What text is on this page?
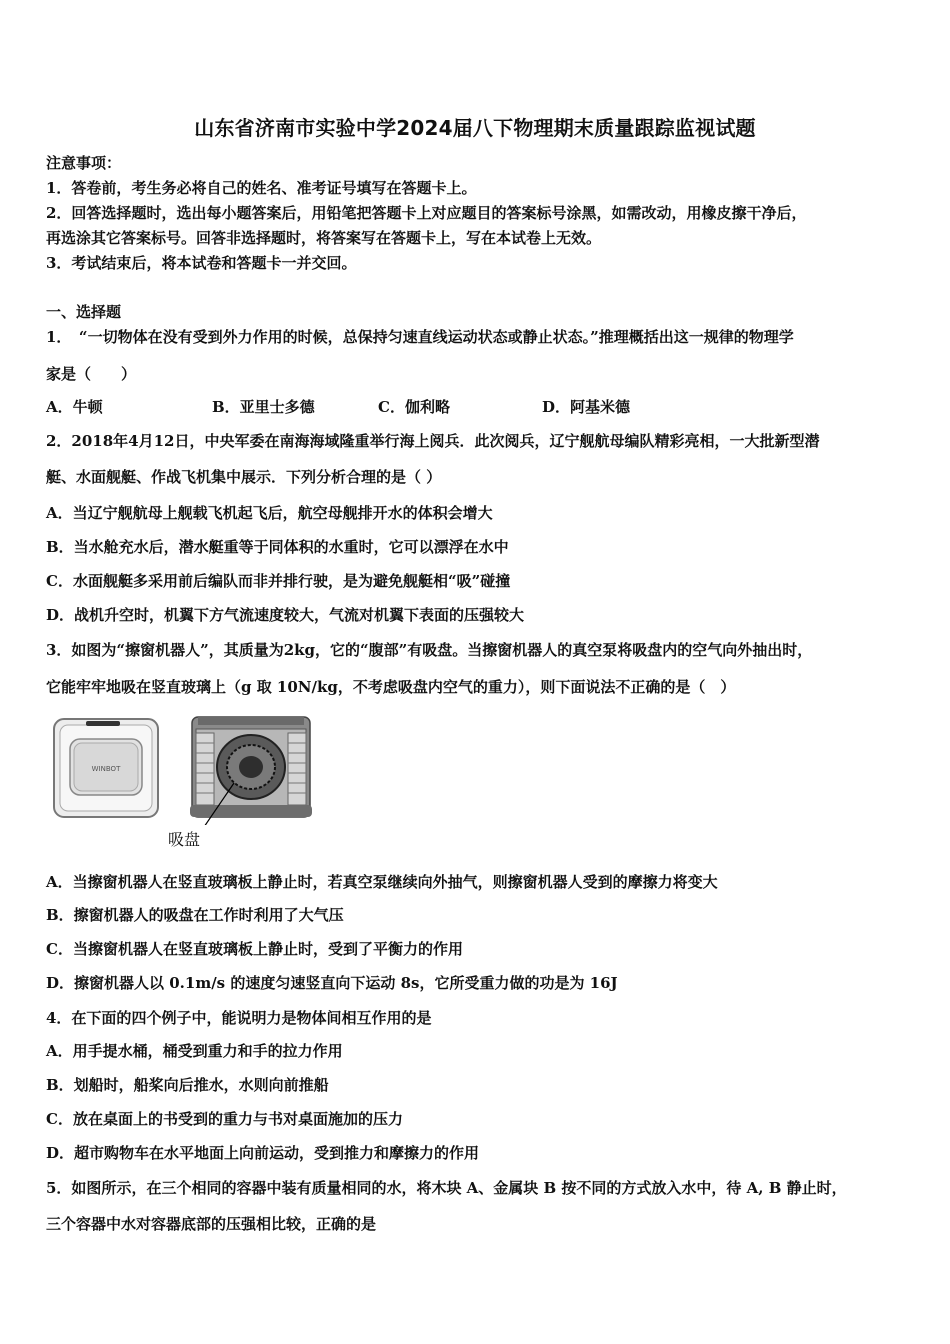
山东省济南市实验中学2024届八下物理期末质量跟踪监视试题
注意事项：
1．答卷前，考生务必将自己的姓名、准考证号填写在答题卡上。
2．回答选择题时，选出每小题答案后，用铅笔把答题卡上对应题目的答案标号涂黑，如需改动，用橡皮擦干净后，
再选涂其它答案标号。回答非选择题时，将答案写在答题卡上，写在本试卷上无效。
3．考试结束后，将本试卷和答题卡一并交回。
一、选择题
1．　“一切物体在没有受到外力作用的时候，总保持匀速直线运动状态或静止状态。”推理概括出这一规律的物理学
家是（　　）
A．牛顿	B．亚里士多德	C．伽利略	D．阿基米德
2．2018年4月12日，中央军委在南海海域隆重举行海上阅兵．此次阅兵，辽宁舰航母编队精彩亮相，一大批新型潜
艇、水面舰艇、作战飞机集中展示．下列分析合理的是（ ）
A．当辽宁舰航母上舰载飞机起飞后，航空母舰排开水的体积会增大
B．当水舱充水后，潜水艇重等于同体积的水重时，它可以漂浮在水中
C．水面舰艇多采用前后编队而非并排行驶，是为避免舰艇相“吸”碰撞
D．战机升空时，机翼下方气流速度较大，气流对机翼下表面的压强较大
3．如图为“擦窗机器人”，其质量为2kg，它的“腹部”有吸盘。当擦窗机器人的真空泵将吸盘内的空气向外抽出时，
它能牢牢地吸在竖直玻璃上（g 取 10N/kg，不考虑吸盘内空气的重力），则下面说法不正确的是（　）
WINBOT
吸盘
A．当擦窗机器人在竖直玻璃板上静止时，若真空泵继续向外抽气，则擦窗机器人受到的摩擦力将变大
B．擦窗机器人的吸盘在工作时利用了大气压
C．当擦窗机器人在竖直玻璃板上静止时，受到了平衡力的作用
D．擦窗机器人以 0.1m/s 的速度匀速竖直向下运动 8s，它所受重力做的功是为 16J
4．在下面的四个例子中，能说明力是物体间相互作用的是
A．用手提水桶，桶受到重力和手的拉力作用
B．划船时，船桨向后推水，水则向前推船
C．放在桌面上的书受到的重力与书对桌面施加的压力
D．超市购物车在水平地面上向前运动，受到推力和摩擦力的作用
5．如图所示，在三个相同的容器中装有质量相同的水，将木块 A、金属块 B 按不同的方式放入水中，待 A, B 静止时，
三个容器中水对容器底部的压强相比较，正确的是
